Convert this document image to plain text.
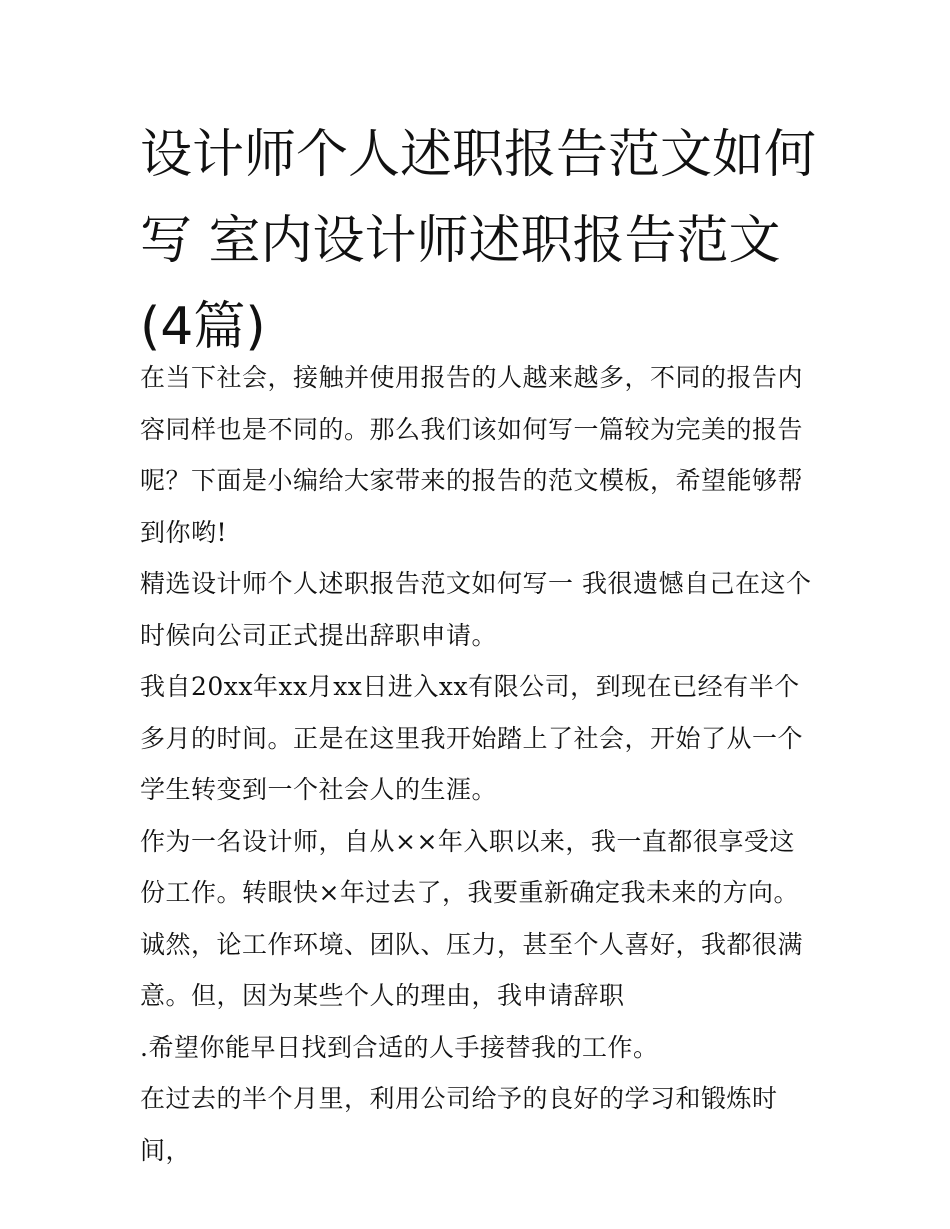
设计师个人述职报告范文如何写 室内设计师述职报告范文(4篇)

在当下社会，接触并使用报告的人越来越多，不同的报告内容同样也是不同的。那么我们该如何写一篇较为完美的报告呢？下面是小编给大家带来的报告的范文模板，希望能够帮到你哟!

精选设计师个人述职报告范文如何写一 我很遗憾自己在这个时候向公司正式提出辞职申请。

我自20xx年xx月xx日进入xx有限公司，到现在已经有半个多月的时间。正是在这里我开始踏上了社会，开始了从一个学生转变到一个社会人的生涯。

作为一名设计师，自从××年入职以来，我一直都很享受这份工作。转眼快×年过去了，我要重新确定我未来的方向。诚然，论工作环境、团队、压力，甚至个人喜好，我都很满意。但，因为某些个人的理由，我申请辞职

.希望你能早日找到合适的人手接替我的工作。

在过去的半个月里，利用公司给予的良好的学习和锻炼时间，
